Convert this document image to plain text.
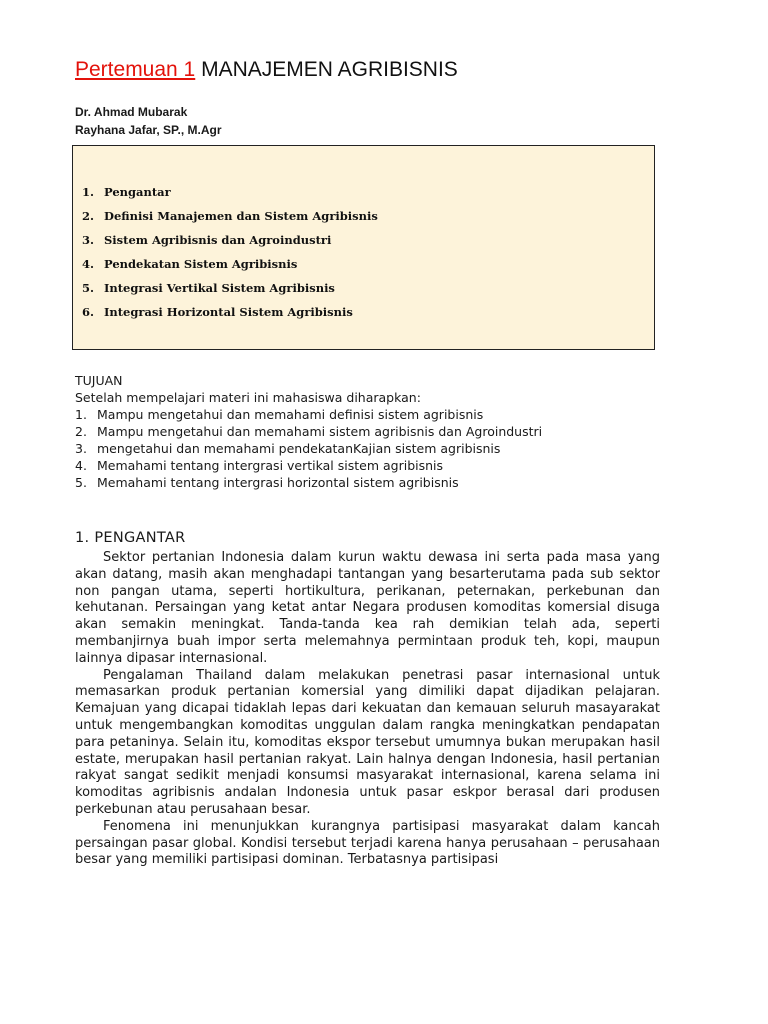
Pertemuan 1 MANAJEMEN AGRIBISNIS
Dr. Ahmad Mubarak
Rayhana Jafar, SP., M.Agr
1. Pengantar
2. Definisi Manajemen dan Sistem Agribisnis
3. Sistem Agribisnis dan Agroindustri
4. Pendekatan Sistem Agribisnis
5. Integrasi Vertikal Sistem Agribisnis
6. Integrasi Horizontal Sistem Agribisnis
TUJUAN
Setelah mempelajari materi ini mahasiswa diharapkan:
1. Mampu mengetahui dan memahami definisi sistem agribisnis
2. Mampu mengetahui dan memahami sistem agribisnis dan Agroindustri
3. mengetahui dan memahami pendekatanKajian sistem agribisnis
4. Memahami tentang intergrasi vertikal sistem agribisnis
5. Memahami tentang intergrasi horizontal sistem agribisnis
1. PENGANTAR

Sektor pertanian Indonesia dalam kurun waktu dewasa ini serta pada masa yang akan datang, masih akan menghadapi tantangan yang besarterutama pada sub sektor non pangan utama, seperti hortikultura, perikanan, peternakan, perkebunan dan kehutanan. Persaingan yang ketat antar Negara produsen komoditas komersial disuga akan semakin meningkat. Tanda-tanda kea rah demikian telah ada, seperti membanjirnya buah impor serta melemahnya permintaan produk teh, kopi, maupun lainnya dipasar internasional.

Pengalaman Thailand dalam melakukan penetrasi pasar internasional untuk memasarkan produk pertanian komersial yang dimiliki dapat dijadikan pelajaran. Kemajuan yang dicapai tidaklah lepas dari kekuatan dan kemauan seluruh masayarakat untuk mengembangkan komoditas unggulan dalam rangka meningkatkan pendapatan para petaninya. Selain itu, komoditas ekspor tersebut umumnya bukan merupakan hasil estate, merupakan hasil pertanian rakyat. Lain halnya dengan Indonesia, hasil pertanian rakyat sangat sedikit menjadi konsumsi masyarakat internasional, karena selama ini komoditas agribisnis andalan Indonesia untuk pasar eskpor berasal dari produsen perkebunan atau perusahaan besar.

Fenomena ini menunjukkan kurangnya partisipasi masyarakat dalam kancah persaingan pasar global. Kondisi tersebut terjadi karena hanya perusahaan – perusahaan besar yang memiliki partisipasi dominan. Terbatasnya partisipasi
